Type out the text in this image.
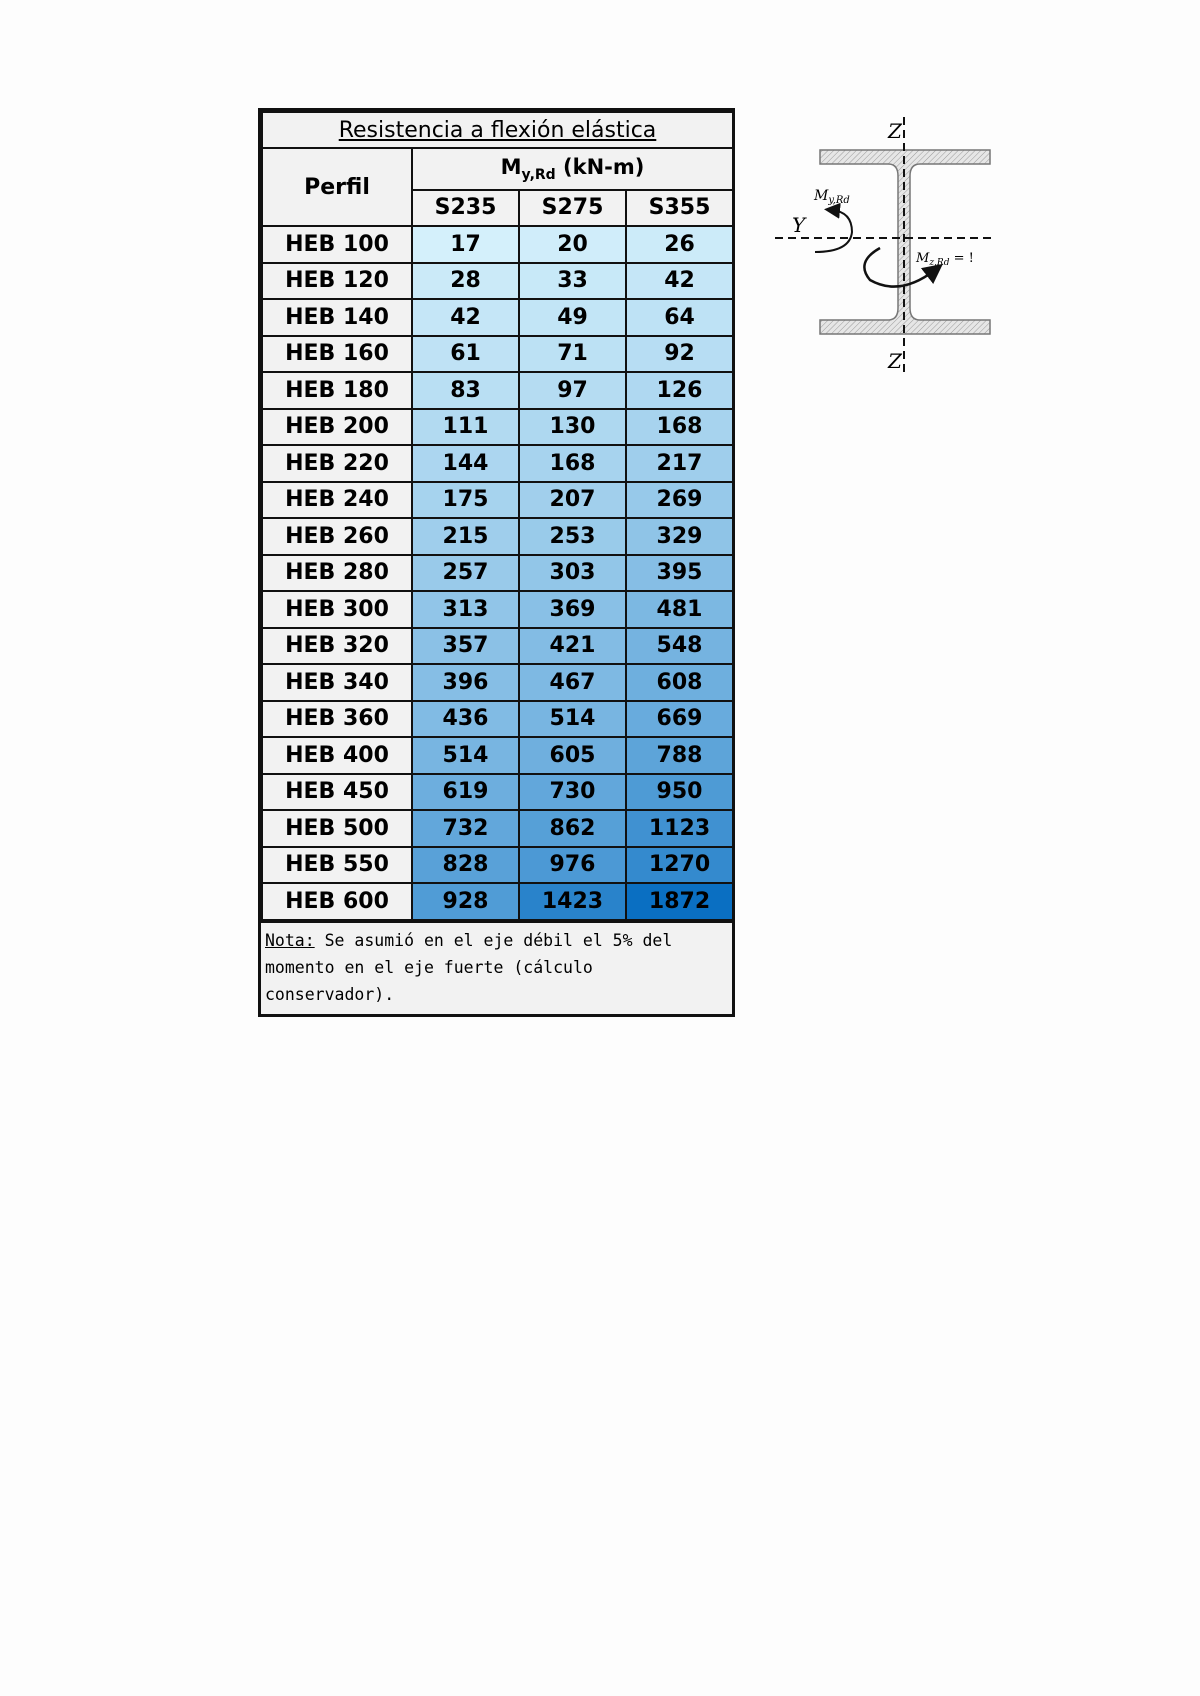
Resistencia a flexión elástica			
Perfil	$M_{y,Rd}$ (kN-m)		
	S235	S275	S355
HEB 100	17	20	26
HEB 120	28	33	42
HEB 140	42	49	64
HEB 160	61	71	92
HEB 180	83	97	126
HEB 200	111	130	168
HEB 220	144	168	217
HEB 240	175	207	269
HEB 260	215	253	329
HEB 280	257	303	395
HEB 300	313	369	481
HEB 320	357	421	548
HEB 340	396	467	608
HEB 360	436	514	669
HEB 400	514	605	788
HEB 450	619	730	950
HEB 500	732	862	1123
HEB 550	828	976	1270
HEB 600	928	1423	1872
Nota: Se asumió en el eje débil el 5% del momento en el eje fuerte (cálculo conservador).
Z
Z
Y
$M_{y,Rd}$
$M_{z,Rd}$ = !
